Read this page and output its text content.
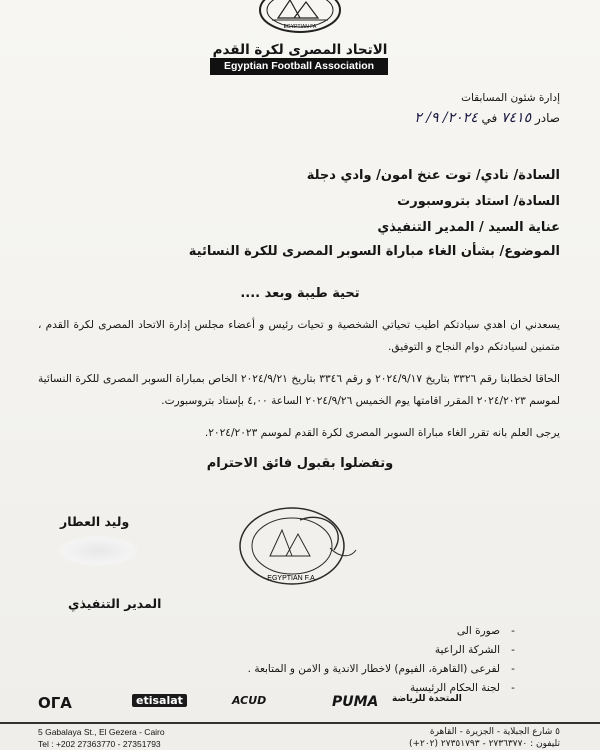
EGYPTIAN FA
الاتحاد المصرى لكرة القدم
Egyptian Football Association
إدارة شئون المسابقات
صادر ٧٤١٥ في ٢٠٢٤/ ٩/ ٢
السادة/ نادي/ توت عنخ امون/ وادي دجلة
السادة/ استاد بتروسبورت
عناية السيد / المدير التنفيذي
الموضوع/ بشأن الغاء مباراة السوبر المصرى للكرة النسائية
تحية طيبة وبعد ....
يسعدني ان اهدي سيادتكم اطيب تحياتي الشخصية و تحيات رئيس و أعضاء مجلس إدارة الاتحاد المصرى لكرة القدم ، متمنين لسيادتكم دوام النجاح و التوفيق.
الحاقا لخطابنا رقم ٣٣٢٦ بتاريخ ٢٠٢٤/٩/١٧ و رقم ٣٣٤٦ بتاريخ ٢٠٢٤/٩/٢١ الخاص بمباراة السوبر المصرى للكرة النسائية لموسم ٢٠٢٤/٢٠٢٣ المقرر اقامتها يوم الخميس ٢٠٢٤/٩/٢٦ الساعة ٤,٠٠ بإستاد بتروسبورت.
يرجى العلم بانه تقرر الغاء مباراة السوبر المصرى لكرة القدم لموسم ٢٠٢٤/٢٠٢٣.
وتفضلوا بقبول فائق الاحترام
وليد العطار
المدير التنفيذي
EGYPTIAN F.A.
-
صورة الى
-
الشركة الراعية
-
لفرعى (القاهرة، الفيوم) لاخطار الاندية و الامن و المتابعة .
-
لجنة الحكام الرئيسية
ОГА	etisalat	ACUD	PUMA المتحدة للرياضة
5 Gabalaya St., El Gezera - Cairo
Tel : +202 27363770 - 27351793
٥ شارع الجبلاية - الجزيرة - القاهرة
تليفون : ٢٧٣٦٣٧٧٠ - ٢٧٣٥١٧٩٣ (٢٠٢+)
